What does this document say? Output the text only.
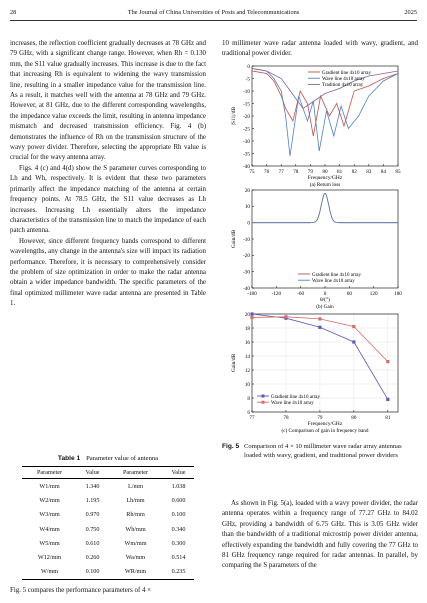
28	The Journal of China Universities of Posts and Telecommunications	2025

increases, the reflection coefficient gradually decreases at 78 GHz and 79 GHz, with a significant change range. However, when Rh = 0.130 mm, the S11 value gradually increases. This increase is due to the fact that increasing Rh is equivalent to widening the wavy transmission line, resulting in a smaller impedance value for the transmission line. As a result, it matches well with the antenna at 78 GHz and 79 GHz. However, at 81 GHz, due to the different corresponding wavelengths, the impedance value exceeds the limit, resulting in antenna impedance mismatch and decreased transmission efficiency. Fig. 4 (b) demonstrates the influence of Rh on the transmission structure of the wavy power divider. Therefore, selecting the appropriate Rh value is crucial for the wavy antenna array.

Figs. 4 (c) and 4(d) show the S parameter curves corresponding to Lh and Wh, respectively. It is evident that these two parameters primarily affect the impedance matching of the antenna at certain frequency points. At 78.5 GHz, the S11 value decreases as Lh increases. Increasing Lh essentially alters the impedance characteristics of the transmission line to match the impedance of each patch antenna.

However, since different frequency bands correspond to different wavelengths, any change in the antenna's size will impact its radiation performance. Therefore, it is necessary to comprehensively consider the problem of size optimization in order to make the radar antenna obtain a wider impedance bandwidth. The specific parameters of the final optimized millimeter wave radar antenna are presented in Table 1.

Table 1 Parameter value of antenna
Parameter	Value	Parameter	Value
W1/mm	1.340	L/mm	1.038
W2/mm	1.195	Lh/mm	0.600
W3/mm	0.970	Rh/mm	0.100
W4/mm	0.750	Wh/mm	0.340
W5/mm	0.610	Wm/mm	0.300
W12/mm	0.260	Wa/mm	0.514
W/mm	0.100	WR/mm	0.235
Fig. 5 compares the performance parameters of 4 ×

10 millimeter wave radar antenna loaded with wavy, gradient, and traditional power divider.

75 76 77 78 79 80 81 82 83 84 85
0
-5
-10
-15
-20
-25
-30
-35
-40
Frequency/GHz
|S11|/dB
(a) Return loss
Gradient line 4x10 array
Wave line 4x10 array
Tradition 4x10 array
-180	-120	-60	0	60	120	180
20
10
0
-10
-20
-30
-40
θ/(°)
Gain/dB
(b) Gain
Gradient line 4x10 array
Wave line 4x10 array
77	78	79	80	81
6
8
10
12
14
16
18
20
Frequency/GHz
Gain/dB
(c) Comparison of gain in frequency band
Gradient line 4x10 array
Wave line 4x10 array
Fig. 5 Comparison of 4 × 10 millimeter wave radar array antennas loaded with wavy, gradient, and traditional power dividers

As shown in Fig. 5(a), loaded with a wavy power divider, the radar antenna operates within a frequency range of 77.27 GHz to 84.02 GHz, providing a bandwidth of 6.75 GHz. This is 3.05 GHz wider than the bandwidth of a traditional microstrip power divider antenna, effectively expanding the bandwidth and fully covering the 77 GHz to 81 GHz frequency range required for radar antennas. In parallel, by comparing the S parameters of the
